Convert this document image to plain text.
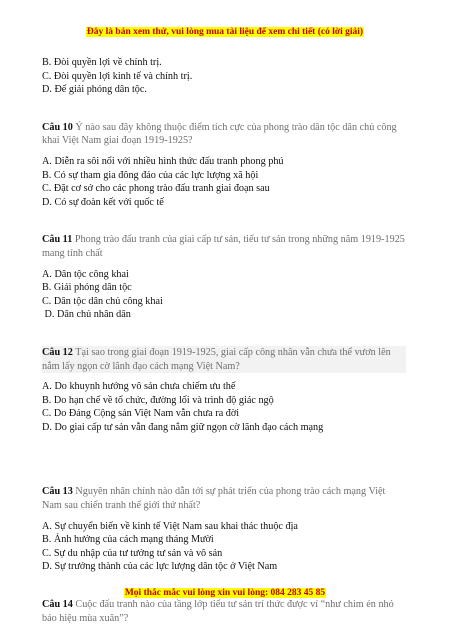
Đây là bản xem thử, vui lòng mua tài liệu để xem chi tiết (có lời giải)
B. Đòi quyền lợi về chính trị.
C. Đòi quyền lợi kinh tế và chính trị.
D. Để giải phóng dân tộc.
Câu 10 Ý nào sau đây không thuộc điểm tích cực của phong trào dân tộc dân chủ công khai Việt Nam giai đoạn 1919-1925?
A. Diễn ra sôi nổi với nhiều hình thức đấu tranh phong phú
B. Có sự tham gia đông đảo của các lực lượng xã hội
C. Đặt cơ sở cho các phong trào đấu tranh giai đoạn sau
D. Có sự đoàn kết với quốc tế
Câu 11 Phong trào đấu tranh của giai cấp tư sản, tiểu tư sản trong những năm 1919-1925 mang tính chất
A. Dân tộc công khai
B. Giải phóng dân tộc
C. Dân tộc dân chủ công khai
D. Dân chủ nhân dân
Câu 12 Tại sao trong giai đoạn 1919-1925, giai cấp công nhân vẫn chưa thể vươn lên nắm lấy ngọn cờ lãnh đạo cách mạng Việt Nam?
A. Do khuynh hướng vô sản chưa chiếm ưu thế
B. Do hạn chế về tổ chức, đường lối và trình độ giác ngộ
C. Do Đảng Cộng sản Việt Nam vẫn chưa ra đời
D. Do giai cấp tư sản vẫn đang nắm giữ ngọn cờ lãnh đạo cách mạng
Câu 13 Nguyên nhân chính nào dẫn tới sự phát triển của phong trào cách mạng Việt Nam sau chiến tranh thế giới thứ nhất?
A. Sự chuyển biến về kinh tế Việt Nam sau khai thác thuộc địa
B. Ảnh hưởng của cách mạng tháng Mười
C. Sự du nhập của tư tưởng tư sản và vô sản
D. Sự trưởng thành của các lực lượng dân tộc ở Việt Nam
Câu 14 Cuộc đấu tranh nào của tầng lớp tiểu tư sản trí thức được ví “như chim én nhỏ báo hiệu mùa xuân”?
Mọi thắc mắc vui lòng xin vui lòng: 084 283 45 85
